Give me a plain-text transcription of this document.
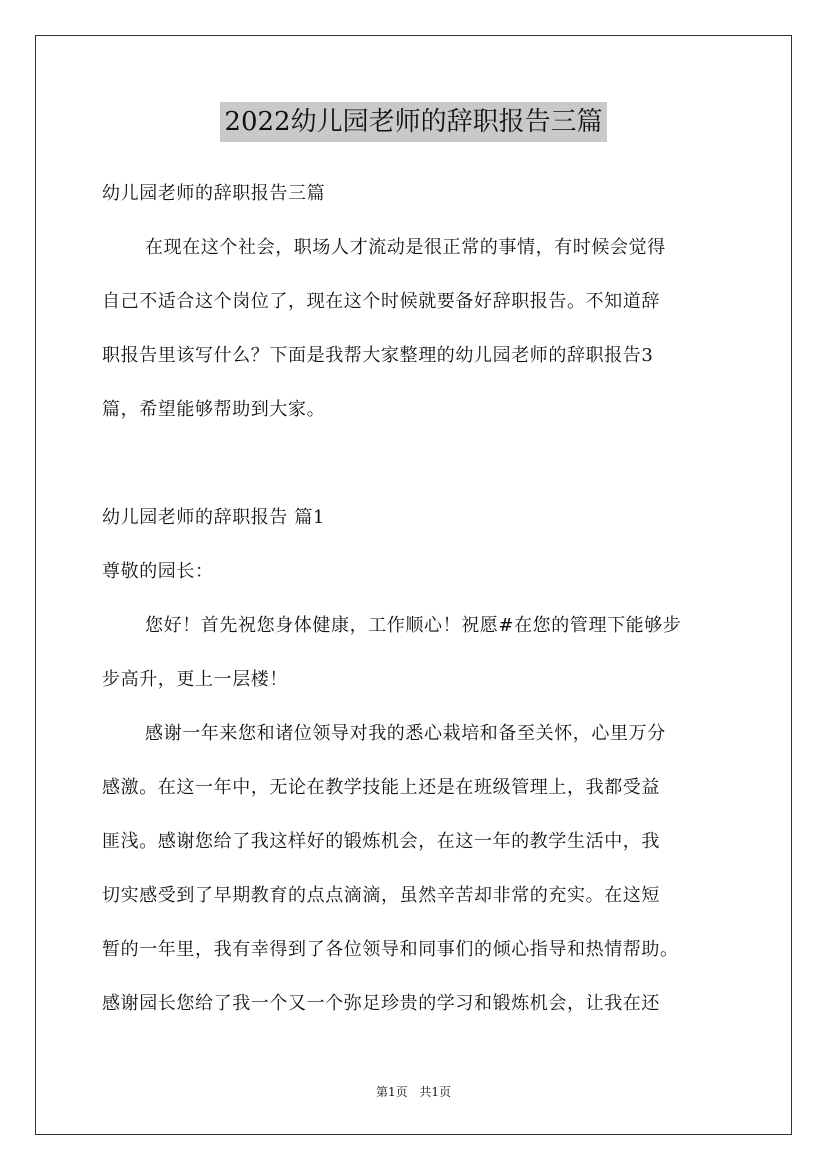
2022幼儿园老师的辞职报告三篇
幼儿园老师的辞职报告三篇
在现在这个社会，职场人才流动是很正常的事情，有时候会觉得
自己不适合这个岗位了，现在这个时候就要备好辞职报告。不知道辞
职报告里该写什么？下面是我帮大家整理的幼儿园老师的辞职报告3
篇，希望能够帮助到大家。
幼儿园老师的辞职报告 篇1
尊敬的园长：
您好！首先祝您身体健康，工作顺心！祝愿#在您的管理下能够步
步高升，更上一层楼！
感谢一年来您和诸位领导对我的悉心栽培和备至关怀，心里万分
感激。在这一年中，无论在教学技能上还是在班级管理上，我都受益
匪浅。感谢您给了我这样好的锻炼机会，在这一年的教学生活中，我
切实感受到了早期教育的点点滴滴，虽然辛苦却非常的充实。在这短
暂的一年里，我有幸得到了各位领导和同事们的倾心指导和热情帮助。
感谢园长您给了我一个又一个弥足珍贵的学习和锻炼机会，让我在还
第1页 共1页
